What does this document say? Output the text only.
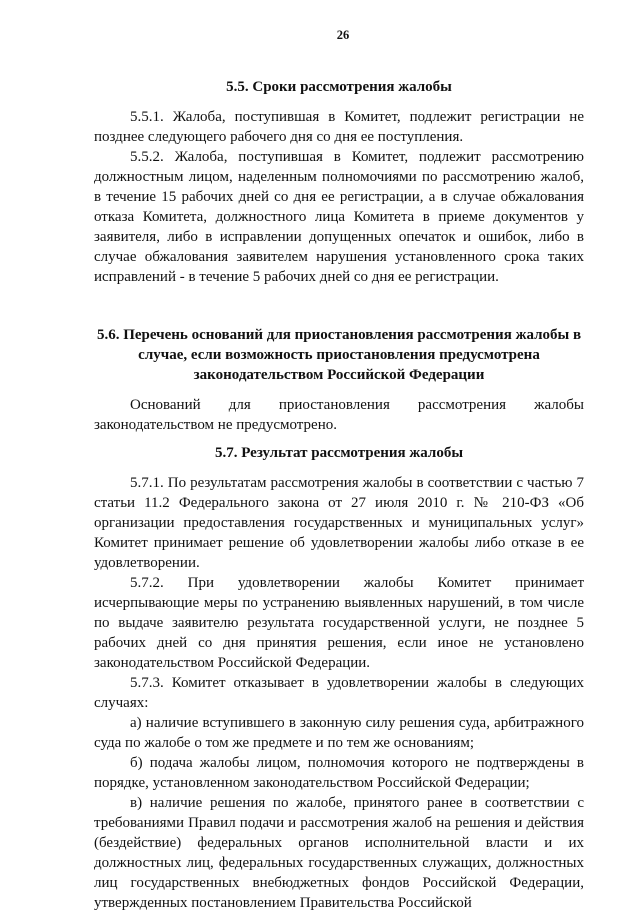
26
5.5. Сроки рассмотрения жалобы

5.5.1. Жалоба, поступившая в Комитет, подлежит регистрации не позднее следующего рабочего дня со дня ее поступления.

5.5.2. Жалоба, поступившая в Комитет, подлежит рассмотрению должностным лицом, наделенным полномочиями по рассмотрению жалоб, в течение 15 рабочих дней со дня ее регистрации, а в случае обжалования отказа Комитета, должностного лица Комитета в приеме документов у заявителя, либо в исправлении допущенных опечаток и ошибок, либо в случае обжалования заявителем нарушения установленного срока таких исправлений - в течение 5 рабочих дней со дня ее регистрации.

5.6. Перечень оснований для приостановления рассмотрения жалобы в случае, если возможность приостановления предусмотрена законодательством Российской Федерации

Оснований для приостановления рассмотрения жалобы законодательством не предусмотрено.

5.7. Результат рассмотрения жалобы

5.7.1. По результатам рассмотрения жалобы в соответствии с частью 7 статьи 11.2 Федерального закона от 27 июля 2010 г. № 210-ФЗ «Об организации предоставления государственных и муниципальных услуг» Комитет принимает решение об удовлетворении жалобы либо отказе в ее удовлетворении.

5.7.2. При удовлетворении жалобы Комитет принимает исчерпывающие меры по устранению выявленных нарушений, в том числе по выдаче заявителю результата государственной услуги, не позднее 5 рабочих дней со дня принятия решения, если иное не установлено законодательством Российской Федерации.

5.7.3. Комитет отказывает в удовлетворении жалобы в следующих случаях:

а) наличие вступившего в законную силу решения суда, арбитражного суда по жалобе о том же предмете и по тем же основаниям;

б) подача жалобы лицом, полномочия которого не подтверждены в порядке, установленном законодательством Российской Федерации;

в) наличие решения по жалобе, принятого ранее в соответствии с требованиями Правил подачи и рассмотрения жалоб на решения и действия (бездействие) федеральных органов исполнительной власти и их должностных лиц, федеральных государственных служащих, должностных лиц государственных внебюджетных фондов Российской Федерации, утвержденных постановлением Правительства Российской
